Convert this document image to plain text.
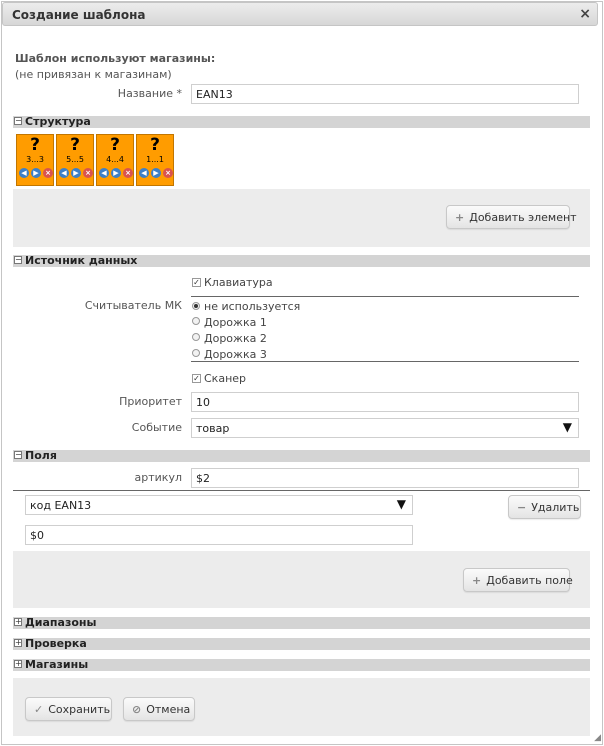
Создание шаблона	×
Шаблон используют магазины:
(не привязан к магазинам)
Название *	EAN13
− Структура
?
3...3
◀ ▶ ×
?
5...5
◀ ▶ ×
?
4...4
◀ ▶ ×
?
1...1
◀ ▶ ×
+ Добавить элемент
− Источник данных
✓ Клавиатура
Считыватель МК не используется
Дорожка 1
Дорожка 2
Дорожка 3
✓ Сканер
Приоритет	10
Событие	товар	▼
− Поля
артикул	$2
код EAN13	▼	− Удалить
$0
+ Добавить поле
+ Диапазоны
+ Проверка
+ Магазины
✓ Сохранить	⊘ Отмена
◢
